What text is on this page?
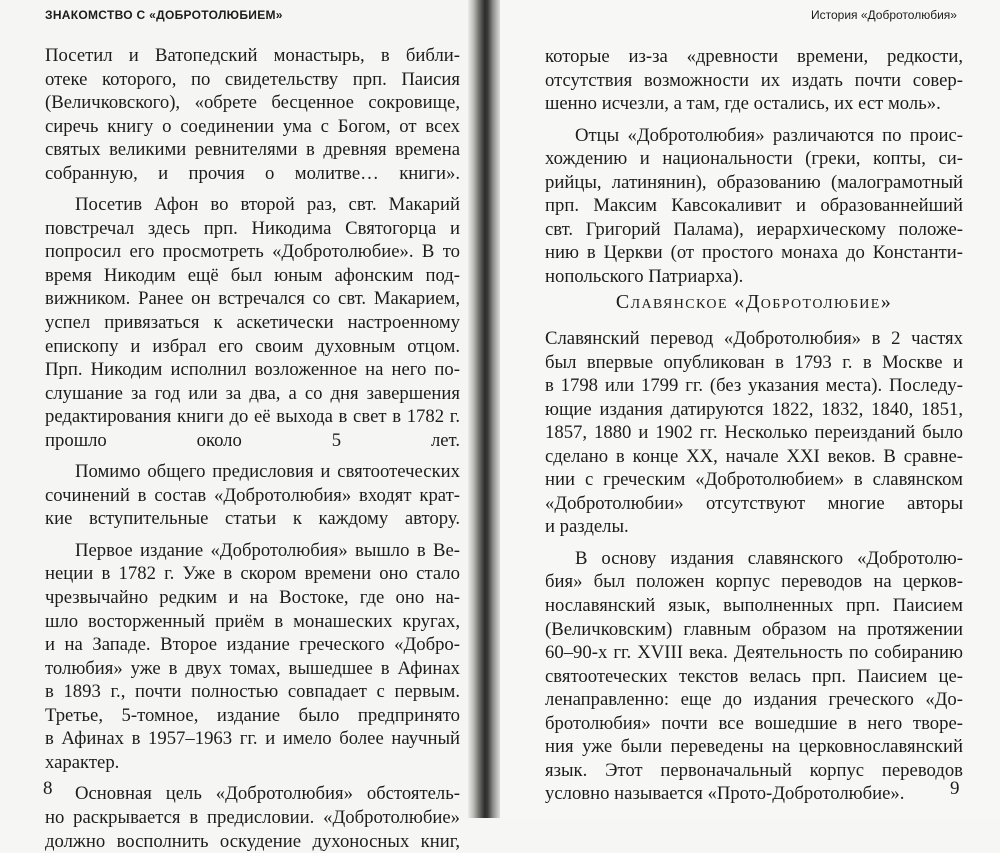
ЗНАКОМСТВО С «ДОБРОТОЛЮБИЕМ»
Посетил и Ватопедский монастырь, в библи-
отеке которого, по свидетельству прп. Паисия
(Величковского), «обрете бесценное сокровище,
сиречь книгу о соединении ума с Богом, от всех
святых великими ревнителями в древняя времена
собранную, и прочия о молитве… книги».
Посетив Афон во второй раз, свт. Макарий
повстречал здесь прп. Никодима Святогорца и
попросил его просмотреть «Добротолюбие». В то
время Никодим ещё был юным афонским под-
вижником. Ранее он встречался со свт. Макарием,
успел привязаться к аскетически настроенному
епископу и избрал его своим духовным отцом.
Прп. Никодим исполнил возложенное на него по-
слушание за год или за два, а со дня завершения
редактирования книги до её выхода в свет в 1782 г.
прошло около 5 лет.
Помимо общего предисловия и святоотеческих
сочинений в состав «Добротолюбия» входят крат-
кие вступительные статьи к каждому автору.
Первое издание «Добротолюбия» вышло в Ве-
неции в 1782 г. Уже в скором времени оно стало
чрезвычайно редким и на Востоке, где оно на-
шло восторженный приём в монашеских кругах,
и на Западе. Второе издание греческого «Добро-
толюбия» уже в двух томах, вышедшее в Афинах
в 1893 г., почти полностью совпадает с первым.
Третье, 5-томное, издание было предпринято
в Афинах в 1957–1963 гг. и имело более научный
характер.
Основная цель «Добротолюбия» обстоятель-
но раскрывается в предисловии. «Добротолюбие»
должно восполнить оскудение духоносных книг,
8
История «Добротолюбия»
которые из-за «древности времени, редкости,
отсутствия возможности их издать почти совер-
шенно исчезли, а там, где остались, их ест моль».
Отцы «Добротолюбия» различаются по проис-
хождению и национальности (греки, копты, си-
рийцы, латинянин), образованию (малограмотный
прп. Максим Кавсокаливит и образованнейший
свт. Григорий Палама), иерархическому положе-
нию в Церкви (от простого монаха до Константи-
нопольского Патриарха).
Славянское «Добротолюбие»
Славянский перевод «Добротолюбия» в 2 частях
был впервые опубликован в 1793 г. в Москве и
в 1798 или 1799 гг. (без указания места). Последу-
ющие издания датируются 1822, 1832, 1840, 1851,
1857, 1880 и 1902 гг. Несколько переизданий было
сделано в конце XX, начале XXI веков. В сравне-
нии с греческим «Добротолюбием» в славянском
«Добротолюбии» отсутствуют многие авторы
и разделы.
В основу издания славянского «Добротолю-
бия» был положен корпус переводов на церков-
нославянский язык, выполненных прп. Паисием
(Величковским) главным образом на протяжении
60–90-х гг. XVIII века. Деятельность по собиранию
святоотеческих текстов велась прп. Паисием це-
ленаправленно: еще до издания греческого «До-
бротолюбия» почти все вошедшие в него творе-
ния уже были переведены на церковнославянский
язык. Этот первоначальный корпус переводов
условно называется «Прото-Добротолюбие».	9
